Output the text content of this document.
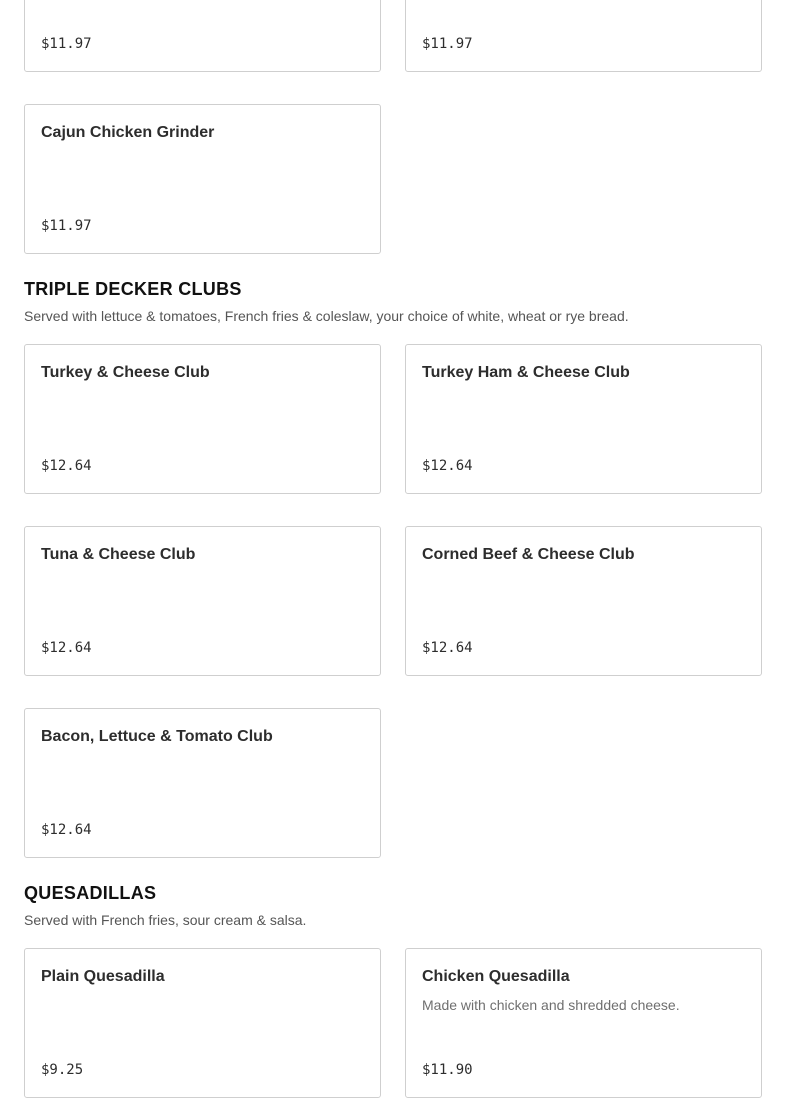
$11.97	$11.97
Cajun Chicken Grinder
$11.97
TRIPLE DECKER CLUBS

Served with lettuce & tomatoes, French fries & coleslaw, your choice of white, wheat or rye bread.

Turkey & Cheese Club
$12.64
Turkey Ham & Cheese Club
$12.64
Tuna & Cheese Club
$12.64
Corned Beef & Cheese Club
$12.64
Bacon, Lettuce & Tomato Club
$12.64
QUESADILLAS

Served with French fries, sour cream & salsa.

Plain Quesadilla
$9.25
Chicken Quesadilla
Made with chicken and shredded cheese.
$11.90
